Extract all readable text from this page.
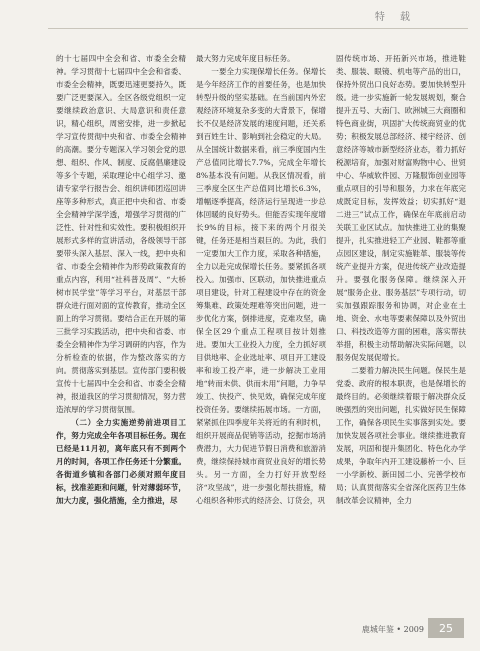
特 载

的十七届四中全会和省、市委全会精神。学习贯彻十七届四中全会和省委、市委全会精神，既要迅速更要持久，既要广泛更要深入。全区各级党组织一定要继续政治意识、大局意识和责任意识，精心组织，周密安排，进一步掀起学习宣传贯彻中央和省、市委全会精神的高潮。要分专题深入学习领会党的思想、组织、作风、制度、反腐倡廉建设等多个专题，采取理论中心组学习、邀请专家学行报告会、组织讲师团巡回讲座等多种形式，真正把中央和省、市委全会精神学深学透，增强学习贯彻的广泛性、针对性和实效性。要积极组织开展形式多样的宣讲活动，各级领导干部要带头深入基层、深入一线，把中央和省、市委全会精神作为形势政策教育的重点内容，利用“社科普及周”、“大桥树市民学堂”等学习平台，对基层干部群众进行面对面的宣传教育，推动全区面上的学习贯彻。要结合正在开展的第三批学习实践活动，把中央和省委、市委全会精神作为学习调研的内容，作为分析检查的依据，作为整改落实的方向。贯彻落实到基层。宣传部门要积极宣传十七届四中全会和省、市委全会精神，报道我区的学习贯彻情况，努力营造浓厚的学习贯彻氛围。

（二）全力实施逆势前进项目工作，努力完成全年各项目标任务。现在已经是11月初，离年底只有不到两个月的时间，各项工作任务还十分繁重。各街道乡镇和各部门必须对照年度目标，找准差距和问题，针对薄弱环节，加大力度，强化措施，全力推进，尽

最大努力完成年度目标任务。

一要全力实现保增长任务。保增长是今年经济工作的首要任务，也是加快转型升级的坚实基础。在当前国内外宏观经济环境复杂多变的大背景下，保增长不仅是经济发展的速度问题，还关系到百姓生计、影响到社会稳定的大局。从全国统计数据来看，前三季度国内生产总值同比增长7.7%，完成全年增长8%基本没有问题。从我区情况看，前三季度全区生产总值同比增长6.3%，增幅逐季提高，经济运行呈现进一步总体回暖的良好势头。但能否实现年度增长9%的目标，接下来的两个月很关键，任务还是相当艰巨的。为此，我们一定要加大工作力度，采取各种措施，全力以赴完成保增长任务。要紧抓各项投入。加强市、区联动，加快推进重点项目建设，针对工程建设中存在的资金筹集难、政策处理难等突出问题，进一步优化方案，倒排进度，克难攻坚，确保全区29个重点工程项目按计划推进。要加大工业投入力度，全力抓好项目供地率、企业选址率、项目开工建设率和竣工投产率，进一步解决工业用地“转而未供、供而未用”问题，力争早竣工、快投产、快见效，确保完成年度投资任务。要继续拓展市场。一方面，紧紧抓住四季度年关将近的有利时机，组织开展商品促销等活动，挖掘市场消费潜力，大力促进节假日消费和旅游消费，继续保持城市商贸业良好的增长势头。另一方面，全力打好开放型经济“攻坚战”，进一步强化帮扶措施，精心组织各种形式的经济会、订货会，巩

固传统市场、开拓新兴市场，推进鞋类、服装、眼镜、机电等产品的出口，保持外贸出口良好态势。要加快转型升级。进一步实施新一轮发展规划，聚合提升五号、大南门、欧洲城三大商圈和特色商业街，巩固扩大传统商贸业的优势；积极发展总部经济、楼宇经济、创意经济等城市新型经济业态，着力抓好税源培育，加强对财富购物中心、世贸中心、华威软件园、万隆服饰创业园等重点项目的引导和服务，力求在年底完成既定目标，发挥效益；切实抓好“退二进三”试点工作，确保在年底前启动关联工业区试点。加快推进工业的集聚提升，扎实推进轻工产业园、鞋都等重点园区建设，制定实施鞋革、服装等传统产业提升方案，促进传统产业改造提升。要强化服务保障。继续深入开展“服务企业、服务基层”专项行动，切实加强跟踪服务和协调，对企业在土地、资金、水电等要素保障以及外贸出口、科技改造等方面的困难，落实帮扶举措，积极主动帮助解决实际问题，以服务促发展促增长。

二要着力解决民生问题。保民生是党委、政府的根本职责，也是保增长的最终目的。必须继续着眼于解决群众反映强烈的突出问题，扎实做好民生保障工作，确保各项民生实事落到实处。要加快发展各项社会事业。继续推进教育发展，巩固和提升集团化、特色化办学成果，争取年内开工建设藤桥一小、巨一小学新校、新田园二小、完善学校布局；认真贯彻落实全省深化医药卫生体制改革会议精神，全力

鹿城年鉴 • 2009	25
